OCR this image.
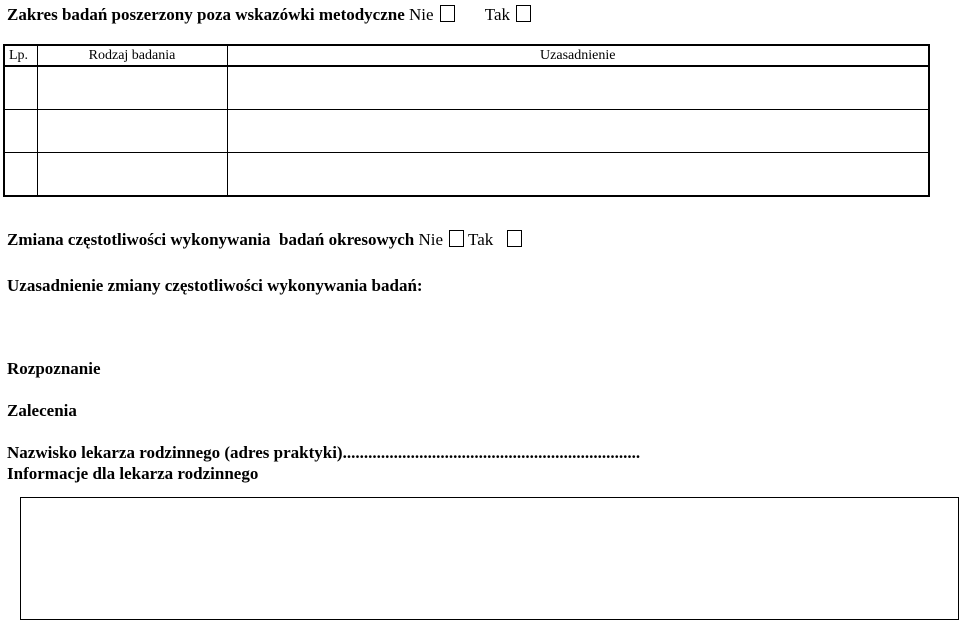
Zakres badań poszerzony poza wskazówki metodyczne Nie	Tak
Lp.	Rodzaj badania	Uzasadnienie

Zmiana częstotliwości wykonywania  badań okresowych Nie Tak
Uzasadnienie zmiany częstotliwości wykonywania badań:
Rozpoznanie
Zalecenia
Nazwisko lekarza rodzinnego (adres praktyki)......................................................................
Informacje dla lekarza rodzinnego
